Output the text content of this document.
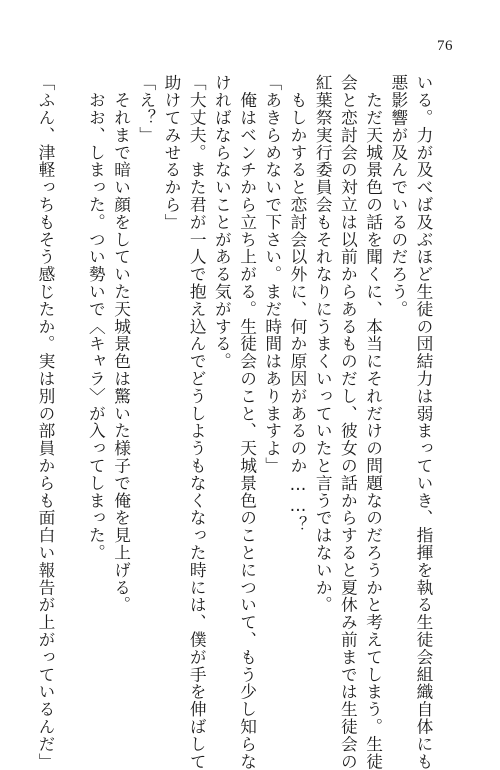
76
いる。力が及べば及ぶほど生徒の団結力は弱まっていき、指揮を執る生徒会組織自体にも
悪影響が及んでいるのだろう。
　ただ天城景色の話を聞くに、本当にそれだけの問題なのだろうかと考えてしまう。生徒
会と恋討会の対立は以前からあるものだし、彼女の話からすると夏休み前までは生徒会の
紅葉祭実行委員会もそれなりにうまくいっていたと言うではないか。
　もしかすると恋討会以外に、何か原因があるのか……？
「あきらめないで下さい。まだ時間はありますよ」
　俺はベンチから立ち上がる。生徒会のこと、天城景色のことについて、もう少し知らな
ければならないことがある気がする。
「大丈夫。また君が一人で抱え込んでどうしようもなくなった時には、僕が手を伸ばして
助けてみせるから」
「え？」
　それまで暗い顔をしていた天城景色は驚いた様子で俺を見上げる。
　おお、しまった。つい勢いで〈キャラ〉が入ってしまった。
「ふん、津軽っちもそう感じたか。実は別の部員からも面白い報告が上がっているんだ」
